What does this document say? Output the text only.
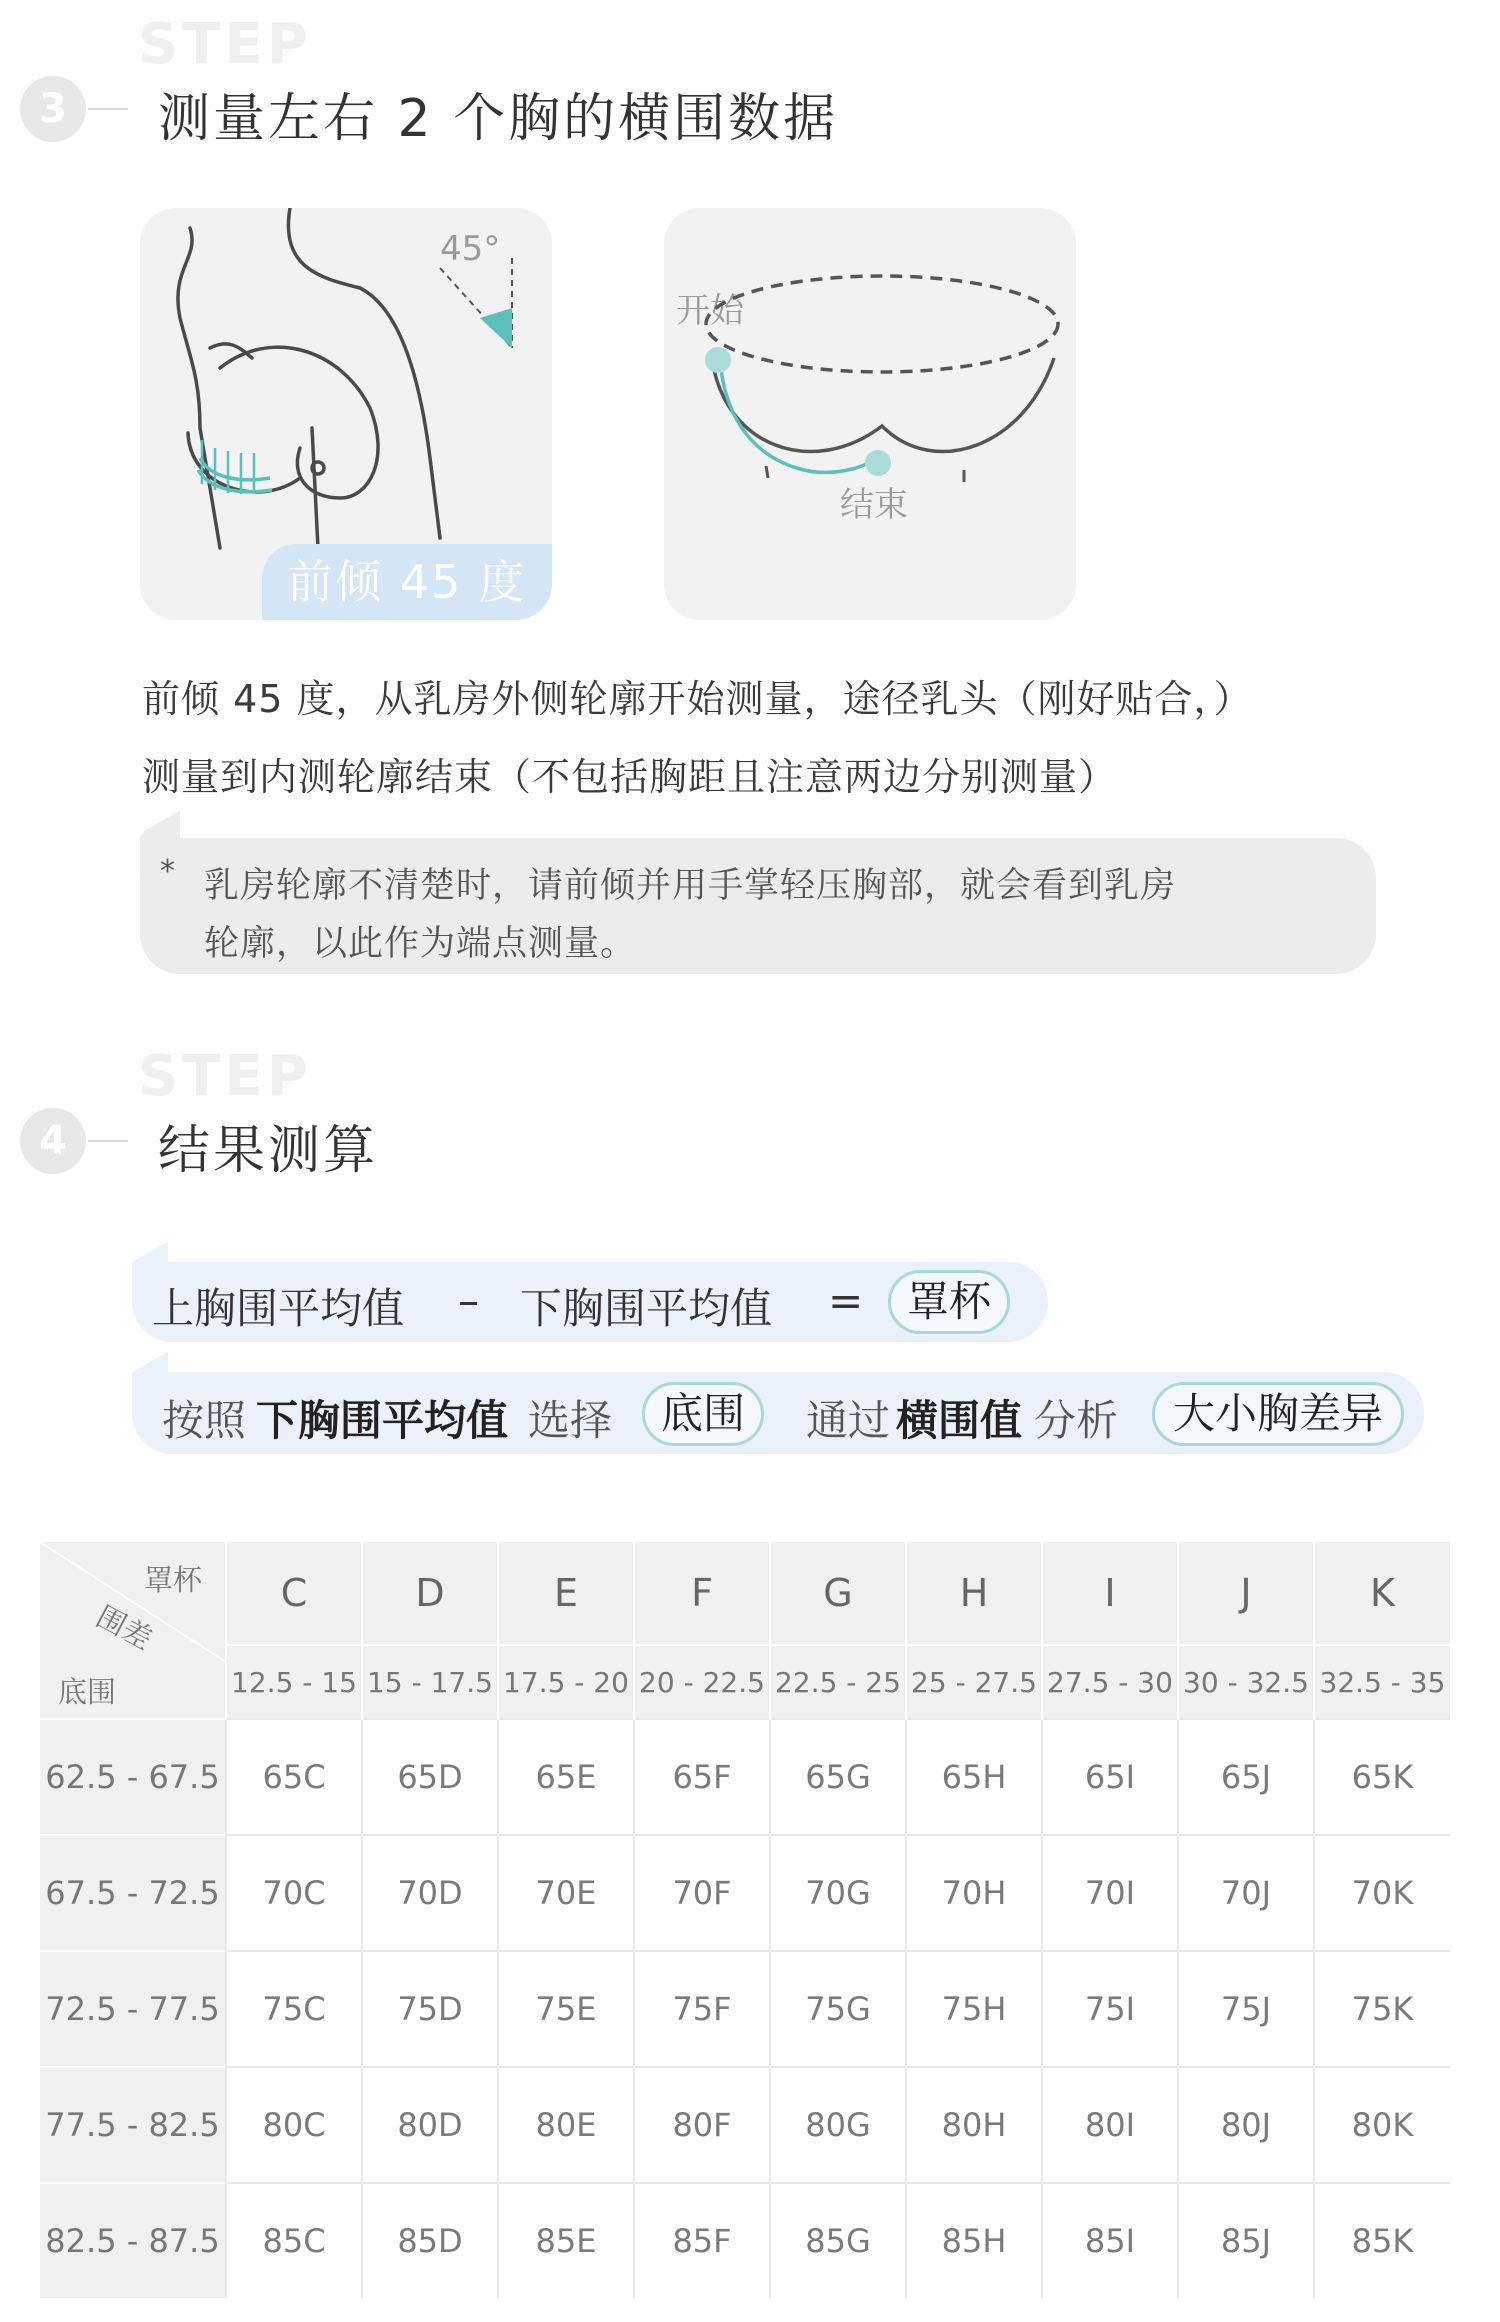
STEP
3	测量左右 2 个胸的横围数据
45°
前倾 45 度
开始
结束
前倾 45 度，从乳房外侧轮廓开始测量，途径乳头（刚好贴合，）
测量到内测轮廓结束（不包括胸距且注意两边分别测量）
* 乳房轮廓不清楚时，请前倾并用手掌轻压胸部，就会看到乳房
轮廓，以此作为端点测量。
STEP
4	结果测算
上胸围平均值 – 下胸围平均值 =	罩杯
按照 下胸围平均值 选择	底围	通过 横围值 分析	大小胸差异
罩杯
围差
底围	C	D	E	F	G	H	I	J	K
	12.5 - 15	15 - 17.5	17.5 - 20	20 - 22.5	22.5 - 25	25 - 27.5	27.5 - 30	30 - 32.5	32.5 - 35
62.5 - 67.5	65C	65D	65E	65F	65G	65H	65I	65J	65K
67.5 - 72.5	70C	70D	70E	70F	70G	70H	70I	70J	70K
72.5 - 77.5	75C	75D	75E	75F	75G	75H	75I	75J	75K
77.5 - 82.5	80C	80D	80E	80F	80G	80H	80I	80J	80K
82.5 - 87.5	85C	85D	85E	85F	85G	85H	85I	85J	85K
